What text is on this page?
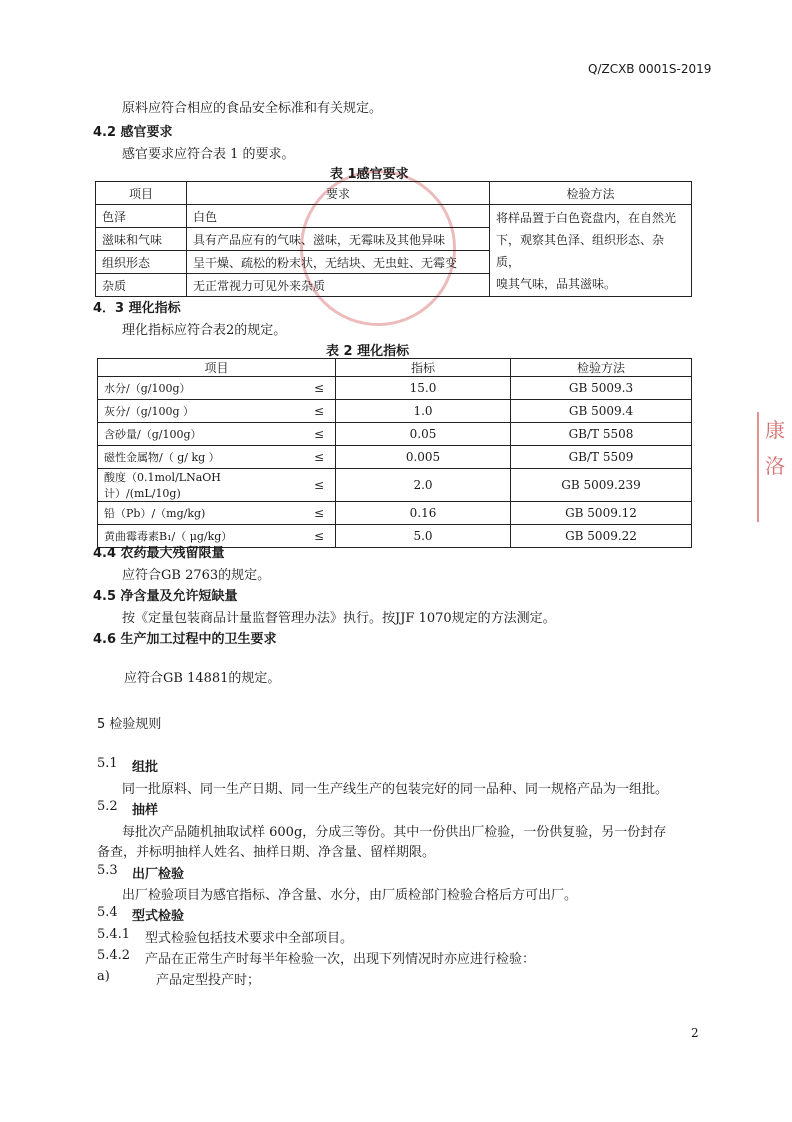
康
洛
Q/ZCXB 0001S-2019
原料应符合相应的食品安全标准和有关规定。
4.2 感官要求
感官要求应符合表 1 的要求。
表 1感官要求
项目	要求	检验方法
色泽	白色	将样品置于白色瓷盘内，在自然光
下，观察其色泽、组织形态、杂质，
嗅其气味，品其滋味。

滋味和气味	具有产品应有的气味、滋味，无霉味及其他异味	
组织形态	呈干燥、疏松的粉末状，无结块、无虫蛀、无霉变	
杂质	无正常视力可见外来杂质	
4．3 理化指标
理化指标应符合表2的规定。
表 2 理化指标
项目		指标	检验方法
水分/（g/100g）	≤	15.0	GB 5009.3
灰分/（g/100g ）	≤	1.0	GB 5009.4
含砂量/（g/100g）	≤	0.05	GB/T 5508
磁性金属物/（ g/ kg ）	≤	0.005	GB/T 5509
酸度（0.1mol/LNaOH 计）/(mL/10g)	≤	2.0	GB 5009.239
铅（Pb）/（mg/kg)	≤	0.16	GB 5009.12
黄曲霉毒素B₁/（ μg/kg）	≤	5.0	GB 5009.22
4.4 农药最大残留限量
应符合GB 2763的规定。
4.5 净含量及允许短缺量
按《定量包装商品计量监督管理办法》执行。按JJF 1070规定的方法测定。
4.6 生产加工过程中的卫生要求
应符合GB 14881的规定。
5 检验规则
5.1 组批
同一批原料、同一生产日期、同一生产线生产的包装完好的同一品种、同一规格产品为一组批。
5.2 抽样
每批次产品随机抽取试样 600g，分成三等份。其中一份供出厂检验，一份供复验，另一份封存
备查，并标明抽样人姓名、抽样日期、净含量、留样期限。
5.3 出厂检验
出厂检验项目为感官指标、净含量、水分，由厂质检部门检验合格后方可出厂。
5.4 型式检验
5.4.1 型式检验包括技术要求中全部项目。
5.4.2 产品在正常生产时每半年检验一次，出现下列情况时亦应进行检验：
a)	产品定型投产时；
2
